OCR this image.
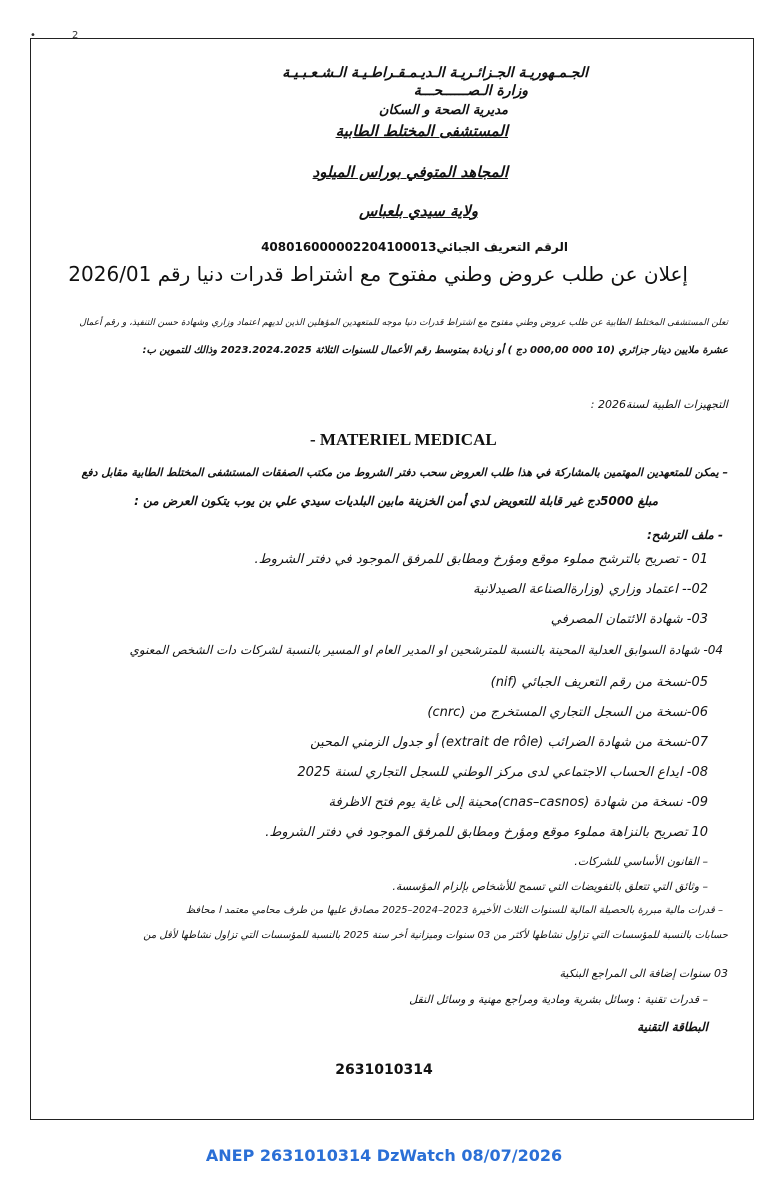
•	2
الجـمـهوريـة الجـزائـريـة الـديـمـقـراطـيـة الـشـعـبـيـة
وزارة الـصــــــحـــة
مديرية الصحة و السكان
المستشفى المختلط الطابية
المجاهد المتوفي بوراس الميلود
ولاية سيدي بلعباس
الرقم التعريف الجبائي408016000002204100013
إعلان عن طلب عروض وطني مفتوح مع اشتراط قدرات دنيا رقم 2026/01
تعلن المستشفى المختلط الطابية عن طلب عروض وطني مفتوح مع اشتراط قدرات دنيا موجه للمتعهدين المؤهلين الذين لديهم اعتماد وزاري وشهادة حسن التنفيذ، و رقم أعمال
عشرة ملايين دينار جزائري (10 000 000,00 دج ) أو زيادة بمتوسط رقم الأعمال للسنوات الثلاثة 2023.2024.2025 وذالك للتموين ب:
التجهيزات الطبية لسنة2026 :
- MATERIEL MEDICAL
– يمكن للمتعهدين المهتمين بالمشاركة في هذا طلب العروض سحب دفتر الشروط من مكتب الصفقات المستشفى المختلط الطابية مقابل دفع
مبلغ 5000دج غير قابلة للتعويض لدي أمن الخزينة مابين البلديات سيدي علي بن يوب يتكون العرض من :
- ملف الترشح:
01 - تصريح بالترشح مملوء موقع ومؤرخ ومطابق للمرفق الموجود في دفتر الشروط.
02-- اعتماد وزاري (وزارةالصناعة الصيدلانية
03- شهادة الائتمان المصرفي
04- شهادة السوابق العدلية المحينة بالنسبة للمترشحين او المدير العام او المسير بالنسبة لشركات دات الشخص المعنوي
05-نسخة من رقم التعريف الجبائي (nif)
06-نسخة من السجل التجاري المستخرج من (cnrc)
07-نسخة من شهادة الضرائب (extrait de rôle) أو جدول الزمني المحين
08- ايداع الحساب الاجتماعي لدى مركز الوطني للسجل التجاري لسنة 2025
09- نسخة من شهادة (cnas–casnos)محينة إلى غاية يوم فتح الاظرفة
10 تصريح بالنزاهة مملوء موقع ومؤرخ ومطابق للمرفق الموجود في دفتر الشروط.
– القانون الأساسي للشركات.
– وثائق التي تتعلق بالتفويضات التي تسمح للأشخاص بإلزام المؤسسة.
– قدرات مالية مبررة بالحصيلة المالية للسنوات الثلاث الأخيرة 2023–2024–2025 مصادق عليها من طرف محامي معتمد ا محافظ
حسابات بالنسبة للمؤسسات التي تزاول نشاطها لأكثر من 03 سنوات وميزانية أخر سنة 2025 بالنسبة للمؤسسات التي تزاول نشاطها لأقل من
03 سنوات إضافة الى المراجع البنكية
– قدرات تقنية : وسائل بشرية ومادية ومراجع مهنية و وسائل النقل
البطاقة التقنية
2631010314
ANEP 2631010314 DzWatch 08/07/2026
